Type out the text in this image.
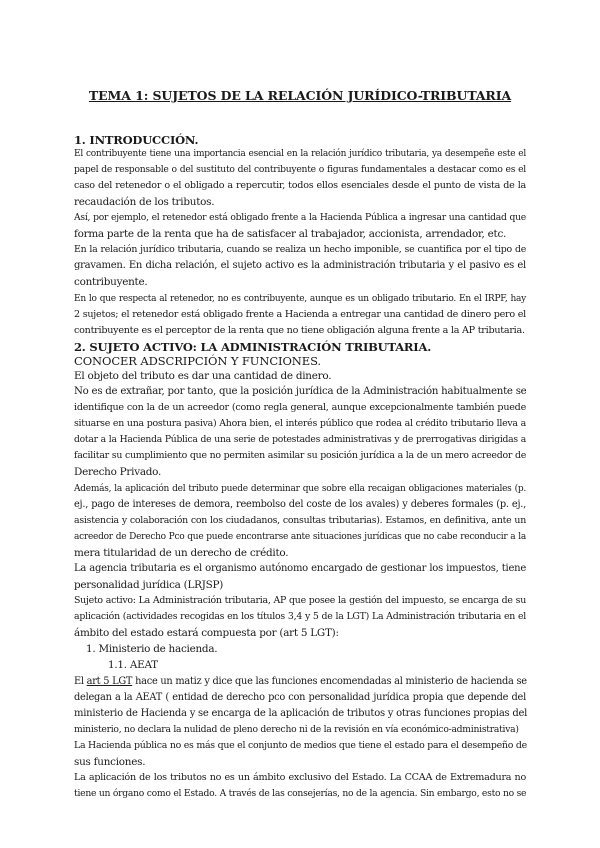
TEMA 1: SUJETOS DE LA RELACIÓN JURÍDICO-TRIBUTARIA
1. INTRODUCCIÓN.
El contribuyente tiene una importancia esencial en la relación jurídico tributaria, ya desempeñe este el
papel de responsable o del sustituto del contribuyente o figuras fundamentales a destacar como es el
caso del retenedor o el obligado a repercutir, todos ellos esenciales desde el punto de vista de la
recaudación de los tributos.
Así, por ejemplo, el retenedor está obligado frente a la Hacienda Pública a ingresar una cantidad que
forma parte de la renta que ha de satisfacer al trabajador, accionista, arrendador, etc.
En la relación jurídico tributaria, cuando se realiza un hecho imponible, se cuantifica por el tipo de
gravamen. En dicha relación, el sujeto activo es la administración tributaria y el pasivo es el
contribuyente.
En lo que respecta al retenedor, no es contribuyente, aunque es un obligado tributario. En el IRPF, hay
2 sujetos; el retenedor está obligado frente a Hacienda a entregar una cantidad de dinero pero el
contribuyente es el perceptor de la renta que no tiene obligación alguna frente a la AP tributaria.
2. SUJETO ACTIVO: LA ADMINISTRACIÓN TRIBUTARIA.
CONOCER ADSCRIPCIÓN Y FUNCIONES.
El objeto del tributo es dar una cantidad de dinero.
No es de extrañar, por tanto, que la posición jurídica de la Administración habitualmente se
identifique con la de un acreedor (como regla general, aunque excepcionalmente también puede
situarse en una postura pasiva) Ahora bien, el interés público que rodea al crédito tributario lleva a
dotar a la Hacienda Pública de una serie de potestades administrativas y de prerrogativas dirigidas a
facilitar su cumplimiento que no permiten asimilar su posición jurídica a la de un mero acreedor de
Derecho Privado.
Además, la aplicación del tributo puede determinar que sobre ella recaigan obligaciones materiales (p.
ej., pago de intereses de demora, reembolso del coste de los avales) y deberes formales (p. ej.,
asistencia y colaboración con los ciudadanos, consultas tributarias). Estamos, en definitiva, ante un
acreedor de Derecho Pco que puede encontrarse ante situaciones jurídicas que no cabe reconducir a la
mera titularidad de un derecho de crédito.
La agencia tributaria es el organismo autónomo encargado de gestionar los impuestos, tiene
personalidad jurídica (LRJSP)
Sujeto activo: La Administración tributaria, AP que posee la gestión del impuesto, se encarga de su
aplicación (actividades recogidas en los títulos 3,4 y 5 de la LGT) La Administración tributaria en el
ámbito del estado estará compuesta por (art 5 LGT):
1. Ministerio de hacienda.
1.1. AEAT
El art 5 LGT hace un matiz y dice que las funciones encomendadas al ministerio de hacienda se
delegan a la AEAT ( entidad de derecho pco con personalidad jurídica propia que depende del
ministerio de Hacienda y se encarga de la aplicación de tributos y otras funciones propias del
ministerio, no declara la nulidad de pleno derecho ni de la revisión en vía económico-administrativa)
La Hacienda pública no es más que el conjunto de medios que tiene el estado para el desempeño de
sus funciones.
La aplicación de los tributos no es un ámbito exclusivo del Estado. La CCAA de Extremadura no
tiene un órgano como el Estado. A través de las consejerías, no de la agencia. Sin embargo, esto no se
